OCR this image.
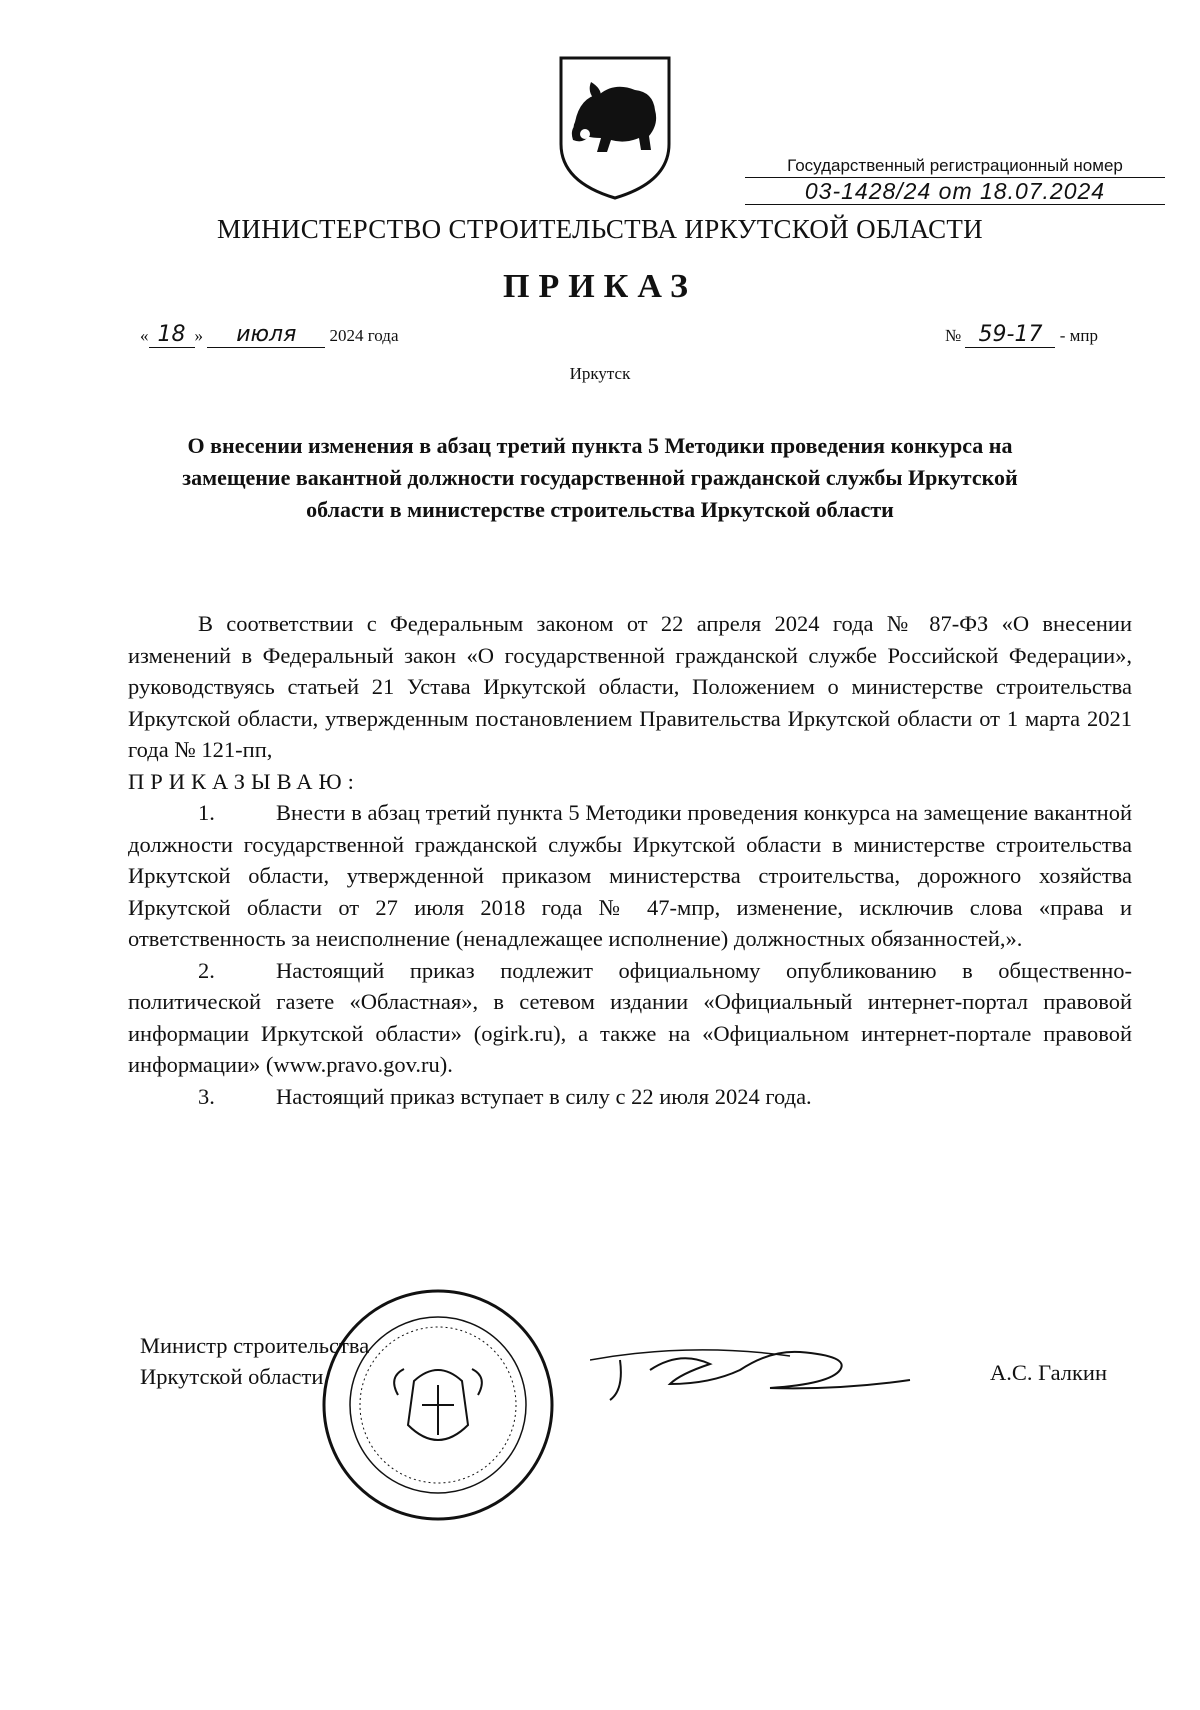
Государственный регистрационный номер
03-1428/24 от 18.07.2024
МИНИСТЕРСТВО СТРОИТЕЛЬСТВА ИРКУТСКОЙ ОБЛАСТИ
ПРИКАЗ
« 18 » июля 2024 года	№ 59-17 - мпр
Иркутск
О внесении изменения в абзац третий пункта 5 Методики проведения конкурса на замещение вакантной должности государственной гражданской службы Иркутской области в министерстве строительства Иркутской области

В соответствии с Федеральным законом от 22 апреля 2024 года № 87-ФЗ «О внесении изменений в Федеральный закон «О государственной гражданской службе Российской Федерации», руководствуясь статьей 21 Устава Иркутской области, Положением о министерстве строительства Иркутской области, утвержденным постановлением Правительства Иркутской области от 1 марта 2021 года № 121-пп,

ПРИКАЗЫВАЮ:

1.	Внести в абзац третий пункта 5 Методики проведения конкурса на замещение вакантной должности государственной гражданской службы Иркутской области в министерстве строительства Иркутской области, утвержденной приказом министерства строительства, дорожного хозяйства Иркутской области от 27 июля 2018 года № 47-мпр, изменение, исключив слова «права и ответственность за неисполнение (ненадлежащее исполнение) должностных обязанностей,».

2.	Настоящий приказ подлежит официальному опубликованию в общественно-политической газете «Областная», в сетевом издании «Официальный интернет-портал правовой информации Иркутской области» (ogirk.ru), а также на «Официальном интернет-портале правовой информации» (www.pravo.gov.ru).

3.	Настоящий приказ вступает в силу с 22 июля 2024 года.

Министр строительства
Иркутской области	А.С. Галкин
